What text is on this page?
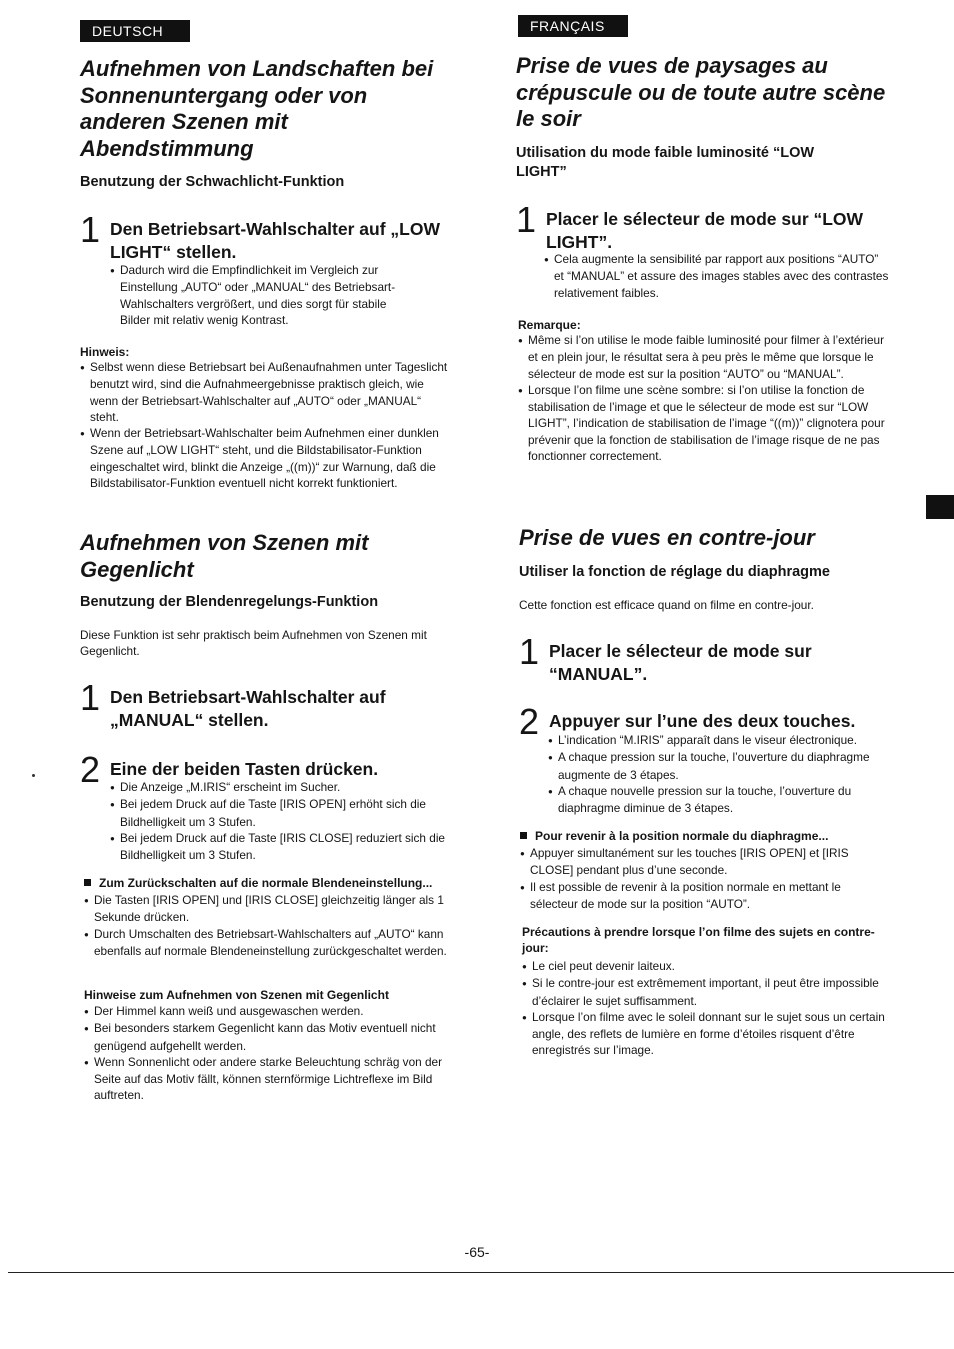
DEUTSCH
Aufnehmen von Landschaften bei Sonnenuntergang oder von anderen Szenen mit Abendstimmung
Benutzung der Schwachlicht-Funktion
1 Den Betriebsart-Wahlschalter auf „LOW LIGHT“ stellen.
● Dadurch wird die Empfindlichkeit im Vergleich zur Einstellung „AUTO“ oder „MANUAL“ des Betriebsart-Wahlschalters vergrößert, und dies sorgt für stabile Bilder mit relativ wenig Kontrast.
Hinweis:
● Selbst wenn diese Betriebsart bei Außenaufnahmen unter Tageslicht benutzt wird, sind die Aufnahmeergebnisse praktisch gleich, wie wenn der Betriebsart-Wahlschalter auf „AUTO“ oder „MANUAL“ steht.
● Wenn der Betriebsart-Wahlschalter beim Aufnehmen einer dunklen Szene auf „LOW LIGHT“ steht, und die Bildstabilisator-Funktion eingeschaltet wird, blinkt die Anzeige „((m))“ zur Warnung, daß die Bildstabilisator-Funktion eventuell nicht korrekt funktioniert.
Aufnehmen von Szenen mit Gegenlicht
Benutzung der Blendenregelungs-Funktion

Diese Funktion ist sehr praktisch beim Aufnehmen von Szenen mit Gegenlicht.

1 Den Betriebsart-Wahlschalter auf „MANUAL“ stellen.
2 Eine der beiden Tasten drücken.
● Die Anzeige „M.IRIS“ erscheint im Sucher.
● Bei jedem Druck auf die Taste [IRIS OPEN] erhöht sich die Bildhelligkeit um 3 Stufen.
● Bei jedem Druck auf die Taste [IRIS CLOSE] reduziert sich die Bildhelligkeit um 3 Stufen.
Zum Zurückschalten auf die normale Blendeneinstellung...
● Die Tasten [IRIS OPEN] und [IRIS CLOSE] gleichzeitig länger als 1 Sekunde drücken.
● Durch Umschalten des Betriebsart-Wahlschalters auf „AUTO“ kann ebenfalls auf normale Blendeneinstellung zurückgeschaltet werden.
Hinweise zum Aufnehmen von Szenen mit Gegenlicht
● Der Himmel kann weiß und ausgewaschen werden.
● Bei besonders starkem Gegenlicht kann das Motiv eventuell nicht genügend aufgehellt werden.
● Wenn Sonnenlicht oder andere starke Beleuchtung schräg von der Seite auf das Motiv fällt, können sternförmige Lichtreflexe im Bild auftreten.
FRANÇAIS
Prise de vues de paysages au crépuscule ou de toute autre scène le soir
Utilisation du mode faible luminosité “LOW LIGHT”
1 Placer le sélecteur de mode sur “LOW LIGHT”.
● Cela augmente la sensibilité par rapport aux positions “AUTO” et “MANUAL” et assure des images stables avec des contrastes relativement faibles.
Remarque:
● Même si l’on utilise le mode faible luminosité pour filmer à l’extérieur et en plein jour, le résultat sera à peu près le même que lorsque le sélecteur de mode est sur la position “AUTO” ou “MANUAL”.
● Lorsque l’on filme une scène sombre: si l’on utilise la fonction de stabilisation de l’image et que le sélecteur de mode est sur “LOW LIGHT”, l’indication de stabilisation de l’image “((m))” clignotera pour prévenir que la fonction de stabilisation de l’image risque de ne pas fonctionner correctement.
Prise de vues en contre-jour
Utiliser la fonction de réglage du diaphragme

Cette fonction est efficace quand on filme en contre-jour.

1 Placer le sélecteur de mode sur “MANUAL”.
2 Appuyer sur l’une des deux touches.
● L’indication “M.IRIS” apparaît dans le viseur électronique.
● A chaque pression sur la touche, l’ouverture du diaphragme augmente de 3 étapes.
● A chaque nouvelle pression sur la touche, l’ouverture du diaphragme diminue de 3 étapes.
Pour revenir à la position normale du diaphragme...
● Appuyer simultanément sur les touches [IRIS OPEN] et [IRIS CLOSE] pendant plus d’une seconde.
● Il est possible de revenir à la position normale en mettant le sélecteur de mode sur la position “AUTO”.
Précautions à prendre lorsque l’on filme des sujets en contre-jour:
● Le ciel peut devenir laiteux.
● Si le contre-jour est extrêmement important, il peut être impossible d’éclairer le sujet suffisamment.
● Lorsque l’on filme avec le soleil donnant sur le sujet sous un certain angle, des reflets de lumière en forme d’étoiles risquent d’être enregistrés sur l’image.
-65-
